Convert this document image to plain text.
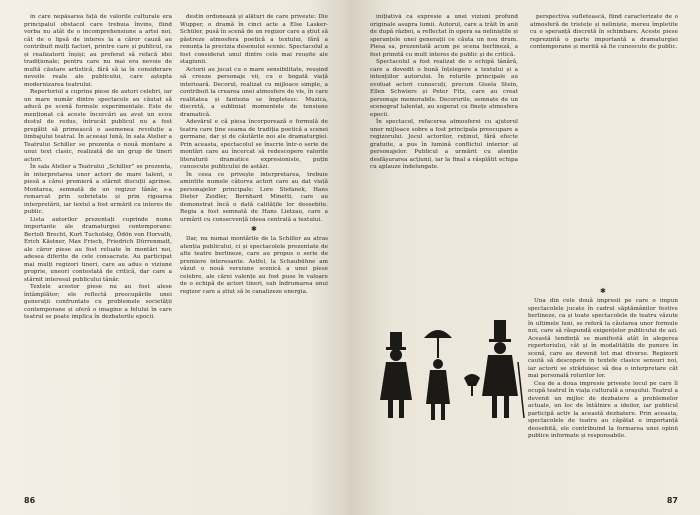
în care nepăsarea față de valorile culturale era principalul obstacol care trebuia învins, fiind vorba nu atât de o incomprehensiune a artei noi, cât de o lipsă de interes la a căror cauză au contribuit mulți factori, printre care și publicul, ca și realizatorii înșiși; au preferat să refacă idei tradiționale; pentru care nu mai era nevoie de multă căutare artistică, fără să ia în considerare nevoile reale ale publicului, care aștepta modernizarea teatrului.

Repertoriul a cuprins piese de autori celebri, iar un mare număr dintre spectacole au căutat să aducă pe scenă formule experimentale. Este de menționat că aceste încercări au avut un ecou destul de redus, întrucât publicul nu a fost pregătit să primească o asemenea revoluție a limbajului teatral. În aceeași lună, în sala Atelier a Teatrului Schiller se prezenta o nouă montare a unui text clasic, realizată de un grup de tineri actori.

În sala Atelier a Teatrului „Schiller” se prezenta, în interpretarea unor actori de mare talent, o piesă a cărei premieră a stârnit discuții aprinse. Montarea, semnată de un regizor tânăr, s-a remarcat prin sobrietate și prin rigoarea interpretării, iar textul a fost urmărit cu interes de public.

Lista autorilor prezentați cuprinde nume importante ale dramaturgiei contemporane: Bertolt Brecht, Kurt Tucholsky, Ödön von Horvath, Erich Kästner, Max Frisch, Friedrich Dürrenmatt, ale căror piese au fost reluate în montări noi, adesea diferite de cele consacrate. Au participat mai mulți regizori tineri, care au adus o viziune proprie, uneori contestată de critică, dar care a stârnit interesul publicului tânăr.

Textele acestor piese nu au fost alese întâmplător; ele reflectă preocupările unei generații confruntate cu problemele societății contemporane și oferă o imagine a felului în care teatrul se poate implica în dezbaterile epocii.

destin ordonează și alături de care privește: Die Wupper, o dramă în cinci acte a Else Lasker-Schüler, pusă în scenă de un regizor care a știut să păstreze atmosfera poetică a textului, fără a renunța la precizia desenului scenic. Spectacolul a fost considerat unul dintre cele mai reușite ale stagiunii.

Actorii au jucat cu o mare sensibilitate, reușind să creeze personaje vii, cu o bogată viață interioară. Decorul, realizat cu mijloace simple, a contribuit la crearea unei atmosfere de vis, în care realitatea și fantezia se împletesc. Muzica, discretă, a subliniat momentele de tensiune dramatică.

Adevărul e că piesa încorporează o formulă de teatru care ține seama de tradiția poetică a scenei germane, dar și de căutările noi ale dramaturgiei. Prin aceasta, spectacolul se înscrie într-o serie de montări care au încercat să redescopere valorile literaturii dramatice expresioniste, puțin cunoscute publicului de astăzi.

În ceea ce privește interpretarea, trebuie amintite numele câtorva actori care au dat viață personajelor principale: Lore Stefanek, Hans Dieter Zeidler, Bernhard Minetti, care au demonstrat încă o dată calitățile lor deosebite. Regia a fost semnată de Hans Lietzau, care a urmărit cu consecvență ideea centrală a textului.

✱

Dar, nu numai montările de la Schiller au atras atenția publicului, ci și spectacolele prezentate de alte teatre berlineze, care au propus o serie de premiere interesante. Astfel, la Schaubühne am văzut o nouă versiune scenică a unei piese celebre, ale cărei valențe au fost puse în valoare de o echipă de actori tineri, sub îndrumarea unui regizor care a știut să le canalizeze energia.

86

inițiativă ca expresie a unei viziuni profund originale asupra lumii. Autorul, care a trăit în anii de după război, a reflectat în opera sa neliniștile și speranțele unei generații ce căuta un nou drum. Piesa sa, prezentată acum pe scena berlineză, a fost primită cu mult interes de public și de critică.

Spectacolul a fost realizat de o echipă tânără, care a dovedit o bună înțelegere a textului și a intențiilor autorului. În rolurile principale au evoluat actori cunoscuți, precum Gisela Stein, Ellen Schwiers și Peter Fitz, care au creat personaje memorabile. Decorurile, semnate de un scenograf talentat, au sugerat cu finețe atmosfera epocii.

În spectacol, refacerea atmosferei cu ajutorul unor mijloace sobre a fost principala preocupare a regizorului. Jocul actorilor, reținut, fără efecte gratuite, a pus în lumină conflictul interior al personajelor. Publicul a urmărit cu atenție desfășurarea acțiunii, iar la final a răsplătit echipa cu aplauze îndelungate.

perspectiva sufletească, fiind caracterizate de o atmosferă de tristețe și neliniște, mereu împletite cu o speranță discretă în schimbare. Aceste piese reprezintă o parte importantă a dramaturgiei contemporane și merită să fie cunoscute de public.

✱

Una din cele două impresii pe care o impun spectacolele jucate în cadrul săptămânilor festive berlineze, ca și toate spectacolele de teatru văzute în ultimele luni, se referă la căutarea unor formule noi, care să răspundă exigențelor publicului de azi. Această tendință se manifestă atât în alegerea repertoriului, cât și în modalitățile de punere în scenă, care au devenit tot mai diverse. Regizorii caută să descopere în textele clasice sensuri noi, iar actorii se străduiesc să dea o interpretare cât mai personală rolurilor lor.

Cea de a doua impresie privește locul pe care îl ocupă teatrul în viața culturală a orașului. Teatrul a devenit un mijloc de dezbatere a problemelor actuale, un loc de întâlnire a ideilor, iar publicul participă activ la această dezbatere. Prin aceasta, spectacolele de teatru au căpătat o importanță deosebită, ele contribuind la formarea unei opinii publice informate și responsabile.

87
